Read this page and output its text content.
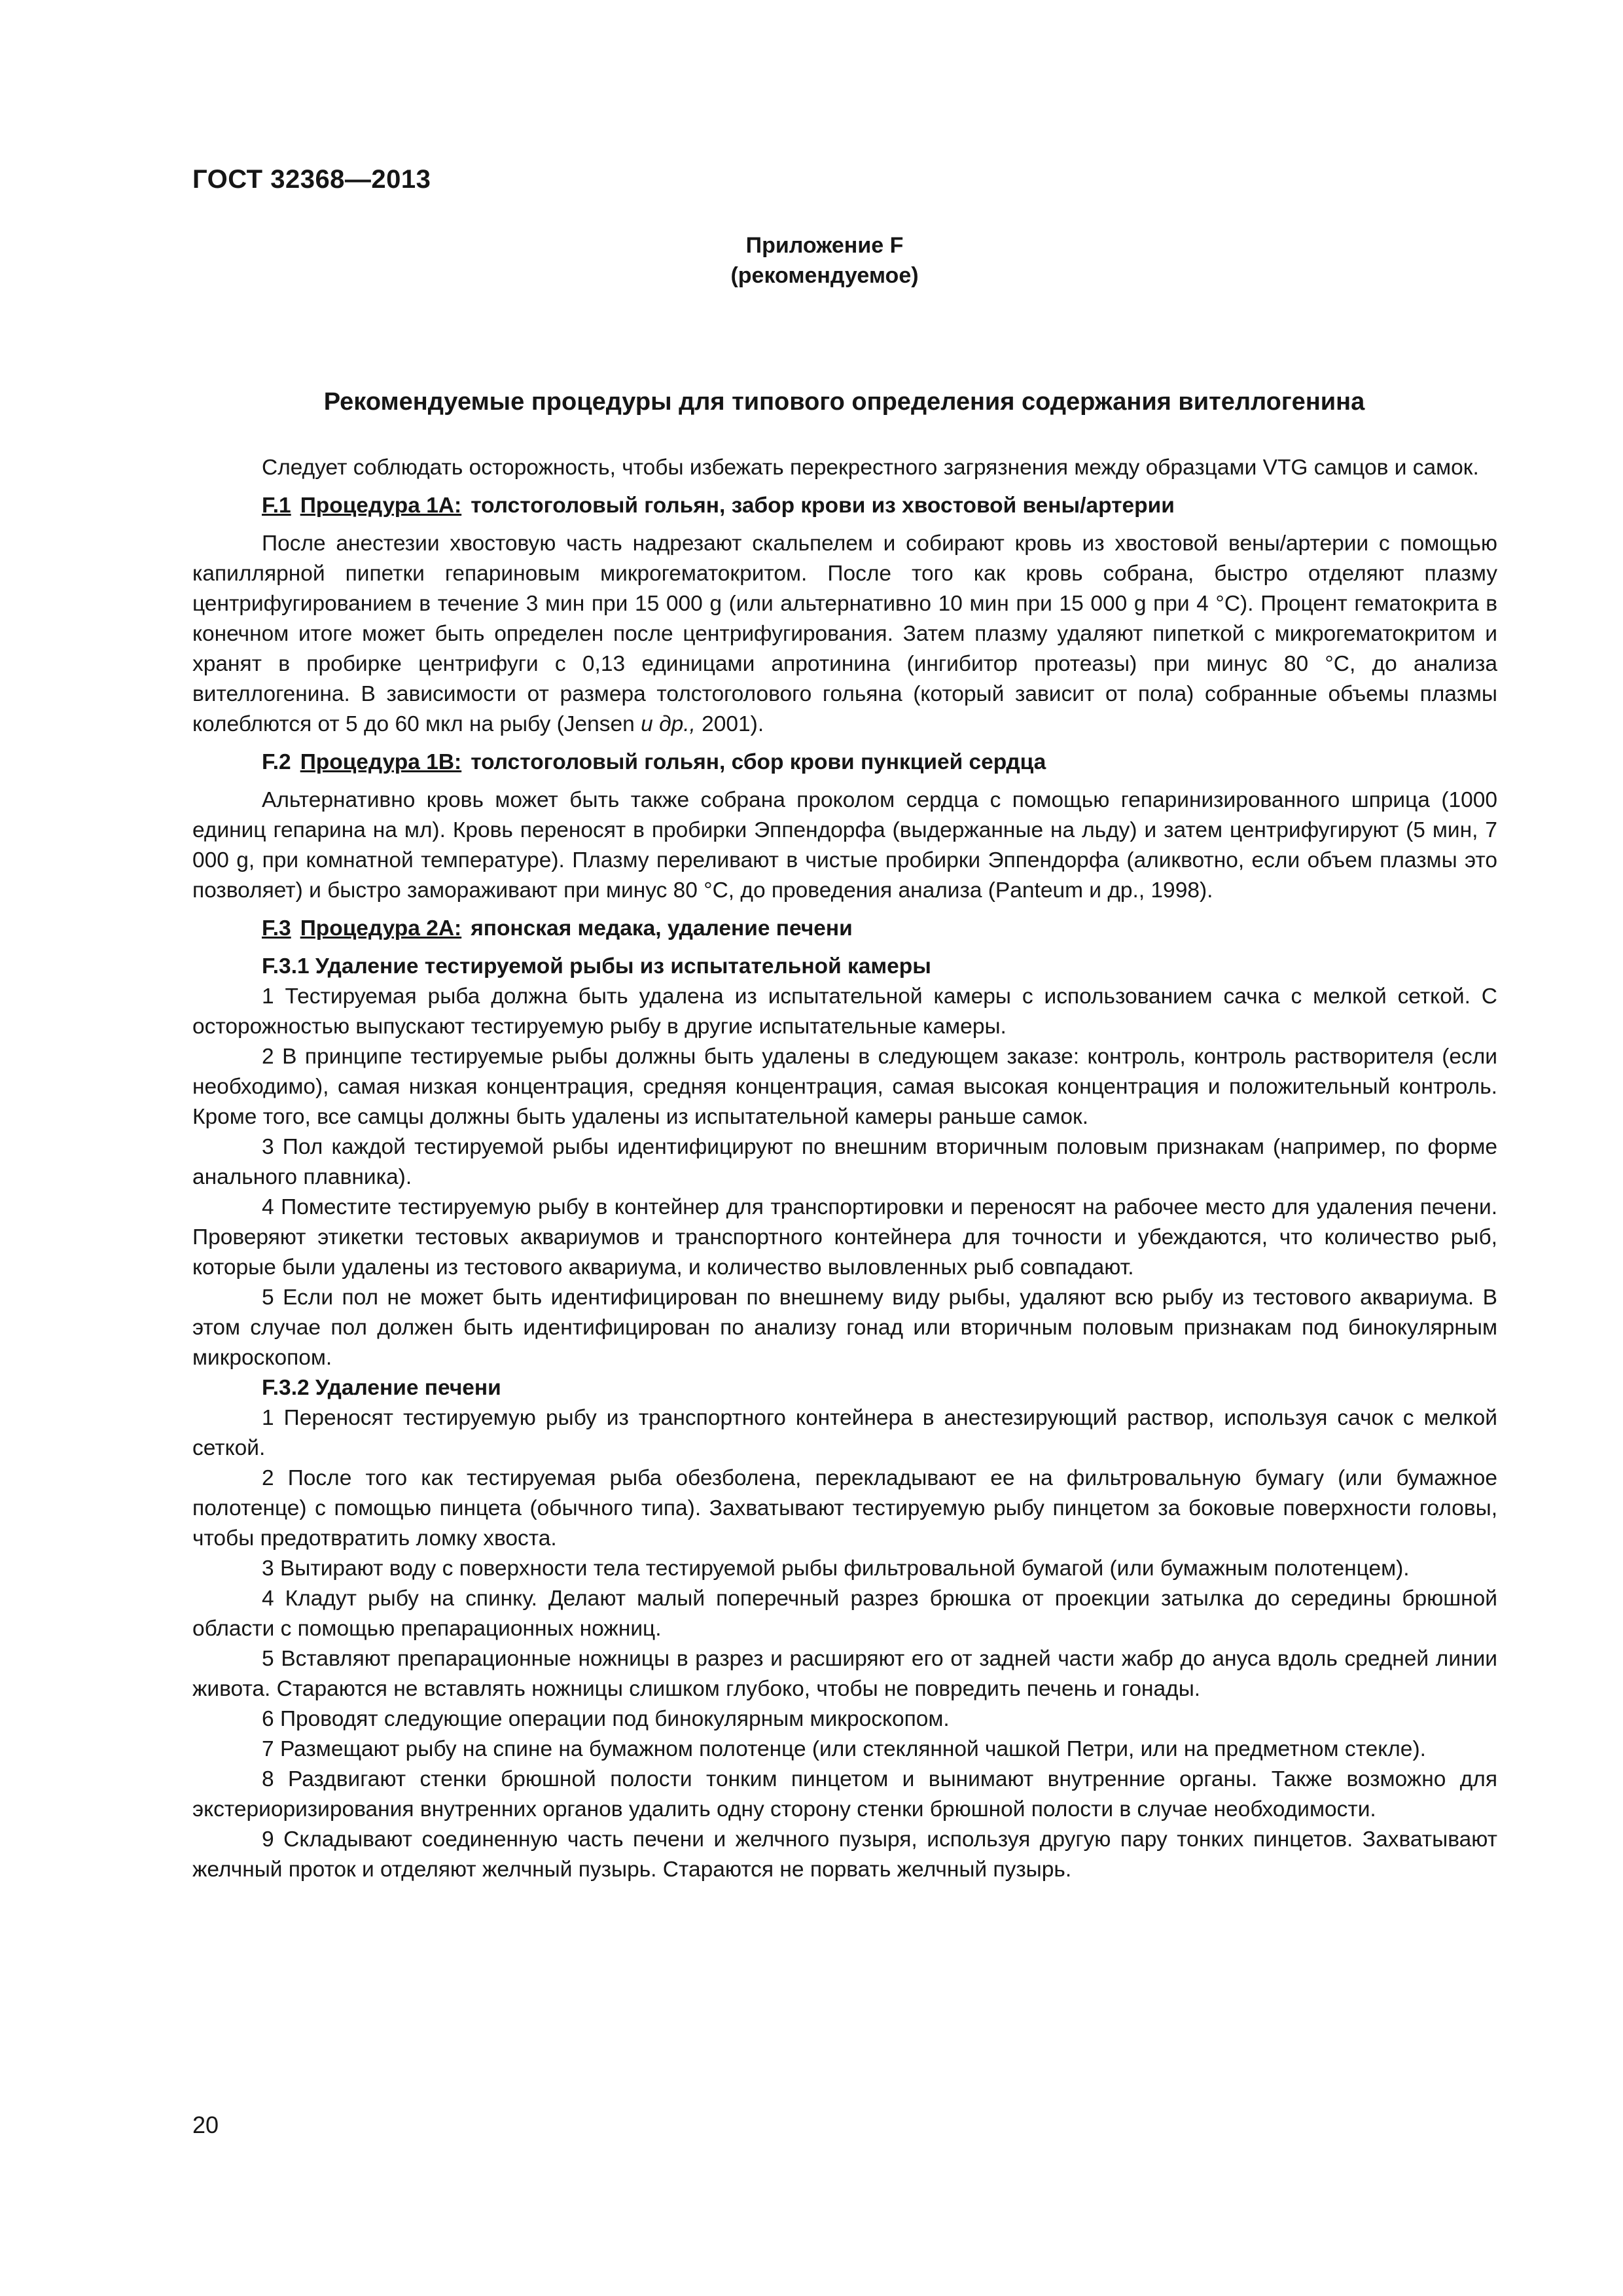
ГОСТ 32368—2013
Приложение F
(рекомендуемое)
Рекомендуемые процедуры для типового определения содержания вителлогенина

Следует соблюдать осторожность, чтобы избежать перекрестного загрязнения между образцами VTG самцов и самок.

F.1 Процедура 1А: толстоголовый гольян, забор крови из хвостовой вены/артерии

После анестезии хвостовую часть надрезают скальпелем и собирают кровь из хвостовой вены/артерии с помощью капиллярной пипетки гепариновым микрогематокритом. После того как кровь собрана, быстро отделяют плазму центрифугированием в течение 3 мин при 15 000 g (или альтернативно 10 мин при 15 000 g при 4 °С). Процент гематокрита в конечном итоге может быть определен после центрифугирования. Затем плазму удаляют пипеткой с микрогематокритом и хранят в пробирке центрифуги с 0,13 единицами апротинина (ингибитор протеазы) при минус 80 °С, до анализа вителлогенина. В зависимости от размера толстоголового гольяна (который зависит от пола) собранные объемы плазмы колеблются от 5 до 60 мкл на рыбу (Jensen и др., 2001).

F.2 Процедура 1В: толстоголовый гольян, сбор крови пункцией сердца

Альтернативно кровь может быть также собрана проколом сердца с помощью гепаринизированного шприца (1000 единиц гепарина на мл). Кровь переносят в пробирки Эппендорфа (выдержанные на льду) и затем центрифугируют (5 мин, 7 000 g, при комнатной температуре). Плазму переливают в чистые пробирки Эппендорфа (аликвотно, если объем плазмы это позволяет) и быстро замораживают при минус 80 °С, до проведения анализа (Panteum и др., 1998).

F.3 Процедура 2А: японская медака, удаление печени
F.3.1 Удаление тестируемой рыбы из испытательной камеры

1 Тестируемая рыба должна быть удалена из испытательной камеры с использованием сачка с мелкой сеткой. С осторожностью выпускают тестируемую рыбу в другие испытательные камеры.

2 В принципе тестируемые рыбы должны быть удалены в следующем заказе: контроль, контроль растворителя (если необходимо), самая низкая концентрация, средняя концентрация, самая высокая концентрация и положительный контроль. Кроме того, все самцы должны быть удалены из испытательной камеры раньше самок.

3 Пол каждой тестируемой рыбы идентифицируют по внешним вторичным половым признакам (например, по форме анального плавника).

4 Поместите тестируемую рыбу в контейнер для транспортировки и переносят на рабочее место для удаления печени. Проверяют этикетки тестовых аквариумов и транспортного контейнера для точности и убеждаются, что количество рыб, которые были удалены из тестового аквариума, и количество выловленных рыб совпадают.

5 Если пол не может быть идентифицирован по внешнему виду рыбы, удаляют всю рыбу из тестового аквариума. В этом случае пол должен быть идентифицирован по анализу гонад или вторичным половым признакам под бинокулярным микроскопом.

F.3.2 Удаление печени

1 Переносят тестируемую рыбу из транспортного контейнера в анестезирующий раствор, используя сачок с мелкой сеткой.

2 После того как тестируемая рыба обезболена, перекладывают ее на фильтровальную бумагу (или бумажное полотенце) с помощью пинцета (обычного типа). Захватывают тестируемую рыбу пинцетом за боковые поверхности головы, чтобы предотвратить ломку хвоста.

3 Вытирают воду с поверхности тела тестируемой рыбы фильтровальной бумагой (или бумажным полотенцем).

4 Кладут рыбу на спинку. Делают малый поперечный разрез брюшка от проекции затылка до середины брюшной области с помощью препарационных ножниц.

5 Вставляют препарационные ножницы в разрез и расширяют его от задней части жабр до ануса вдоль средней линии живота. Стараются не вставлять ножницы слишком глубоко, чтобы не повредить печень и гонады.

6 Проводят следующие операции под бинокулярным микроскопом.

7 Размещают рыбу на спине на бумажном полотенце (или стеклянной чашкой Петри, или на предметном стекле).

8 Раздвигают стенки брюшной полости тонким пинцетом и вынимают внутренние органы. Также возможно для экстериоризирования внутренних органов удалить одну сторону стенки брюшной полости в случае необходимости.

9 Складывают соединенную часть печени и желчного пузыря, используя другую пару тонких пинцетов. Захватывают желчный проток и отделяют желчный пузырь. Стараются не порвать желчный пузырь.

20
